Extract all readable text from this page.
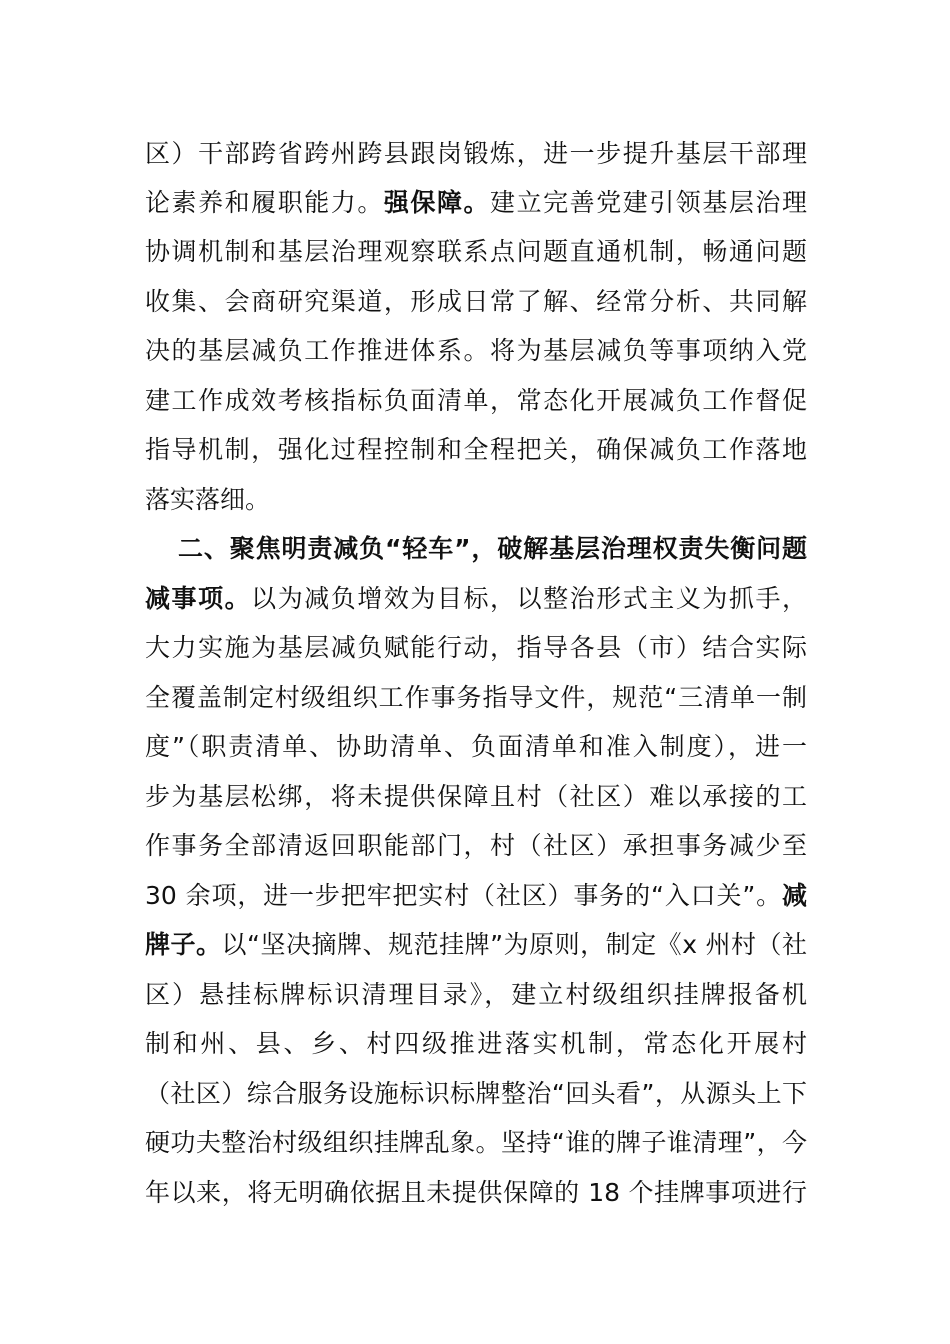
区）干部跨省跨州跨县跟岗锻炼，进一步提升基层干部理
论素养和履职能力。强保障。建立完善党建引领基层治理
协调机制和基层治理观察联系点问题直通机制，畅通问题
收集、会商研究渠道，形成日常了解、经常分析、共同解
决的基层减负工作推进体系。将为基层减负等事项纳入党
建工作成效考核指标负面清单，常态化开展减负工作督促
指导机制，强化过程控制和全程把关，确保减负工作落地
落实落细。
二、聚焦明责减负“轻车”，破解基层治理权责失衡问题
减事项。以为减负增效为目标，以整治形式主义为抓手，
大力实施为基层减负赋能行动，指导各县（市）结合实际
全覆盖制定村级组织工作事务指导文件，规范“三清单一制
度”（职责清单、协助清单、负面清单和准入制度），进一
步为基层松绑，将未提供保障且村（社区）难以承接的工
作事务全部清返回职能部门，村（社区）承担事务减少至
30 余项，进一步把牢把实村（社区）事务的“入口关”。减
牌子。以“坚决摘牌、规范挂牌”为原则，制定《x 州村（社
区）悬挂标牌标识清理目录》，建立村级组织挂牌报备机
制和州、县、乡、村四级推进落实机制，常态化开展村
（社区）综合服务设施标识标牌整治“回头看”，从源头上下
硬功夫整治村级组织挂牌乱象。坚持“谁的牌子谁清理”，今
年以来，将无明确依据且未提供保障的 18 个挂牌事项进行
